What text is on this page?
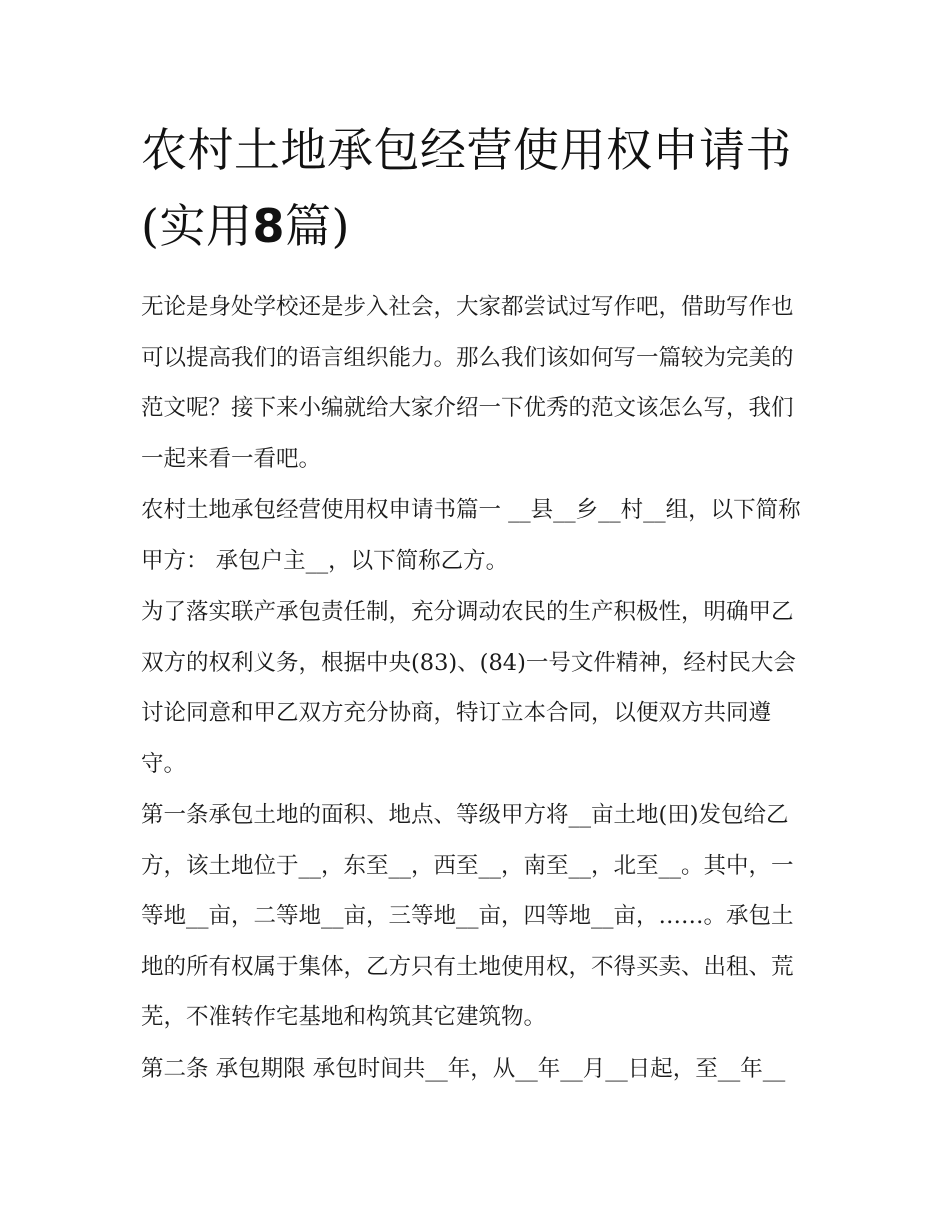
农村土地承包经营使用权申请书(实用8篇)

无论是身处学校还是步入社会，大家都尝试过写作吧，借助写作也可以提高我们的语言组织能力。那么我们该如何写一篇较为完美的范文呢？接下来小编就给大家介绍一下优秀的范文该怎么写，我们一起来看一看吧。

农村土地承包经营使用权申请书篇一 __县__乡__村__组，以下简称甲方： 承包户主__，以下简称乙方。

为了落实联产承包责任制，充分调动农民的生产积极性，明确甲乙双方的权利义务，根据中央(83)、(84)一号文件精神，经村民大会讨论同意和甲乙双方充分协商，特订立本合同，以便双方共同遵守。

第一条承包土地的面积、地点、等级甲方将__亩土地(田)发包给乙方，该土地位于__，东至__，西至__，南至__，北至__。其中，一等地__亩，二等地__亩，三等地__亩，四等地__亩，……。承包土地的所有权属于集体，乙方只有土地使用权，不得买卖、出租、荒芜，不准转作宅基地和构筑其它建筑物。

第二条 承包期限 承包时间共__年，从__年__月__日起，至__年__
